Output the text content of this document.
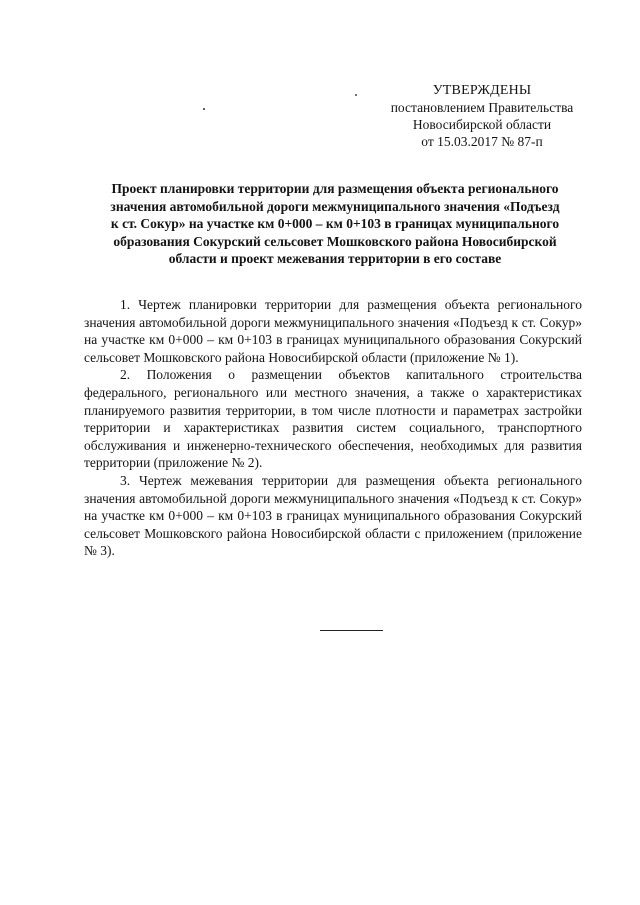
УТВЕРЖДЕНЫ
постановлением Правительства
Новосибирской области
от 15.03.2017 № 87-п
Проект планировки территории для размещения объекта регионального
значения автомобильной дороги межмуниципального значения «Подъезд
к ст. Сокур» на участке км 0+000 – км 0+103 в границах муниципального
образования Сокурский сельсовет Мошковского района Новосибирской
области и проект межевания территории в его составе

1. Чертеж планировки территории для размещения объекта регионального значения автомобильной дороги межмуниципального значения «Подъезд к ст. Сокур» на участке км 0+000 – км 0+103 в границах муниципального образования Сокурский сельсовет Мошковского района Новосибирской области (приложение № 1).

2. Положения о размещении объектов капитального строительства федерального, регионального или местного значения, а также о характеристиках планируемого развития территории, в том числе плотности и параметрах застройки территории и характеристиках развития систем социального, транспортного обслуживания и инженерно-технического обеспечения, необходимых для развития территории (приложение № 2).

3. Чертеж межевания территории для размещения объекта регионального значения автомобильной дороги межмуниципального значения «Подъезд к ст. Сокур» на участке км 0+000 – км 0+103 в границах муниципального образования Сокурский сельсовет Мошковского района Новосибирской области с приложением (приложение № 3).
